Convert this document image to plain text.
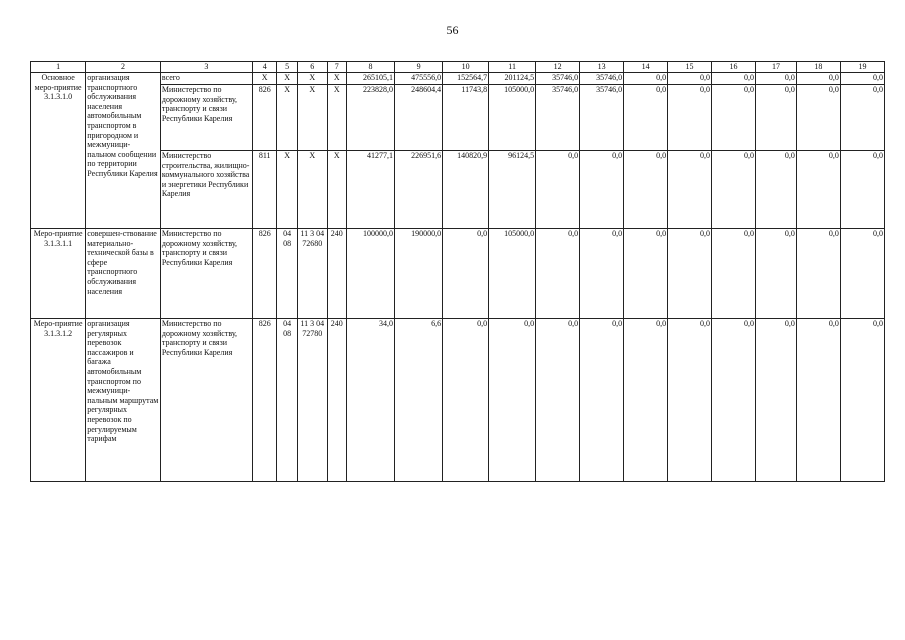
56
1	2	3	4	5	6	7	8	9	10	11	12	13	14	15	16	17	18	19
Основное меро-приятие 3.1.3.1.0	организация транспортного обслуживания населения автомобильным транспортом в пригородном и межмуници-пальном сообщении по территории Республики Карелия	всего	X	X	X	X	265105,1	475556,0	152564,7	201124,5	35746,0	35746,0	0,0	0,0	0,0	0,0	0,0	0,0
		Министерство по дорожному хозяйству, транспорту и связи Республики Карелия	826	X	X	X	223828,0	248604,4	11743,8	105000,0	35746,0	35746,0	0,0	0,0	0,0	0,0	0,0	0,0
		Министерство строительства, жилищно-коммунального хозяйства и энергетики Республики Карелия	811	X	X	X	41277,1	226951,6	140820,9	96124,5	0,0	0,0	0,0	0,0	0,0	0,0	0,0	0,0
Меро-приятие 3.1.3.1.1	совершен-ствование материально-технической базы в сфере транспортного обслуживания населения	Министерство по дорожному хозяйству, транспорту и связи Республики Карелия	826	04 08	11 3 04 72680	240	100000,0	190000,0	0,0	105000,0	0,0	0,0	0,0	0,0	0,0	0,0	0,0	0,0
Меро-приятие 3.1.3.1.2	организация регулярных перевозок пассажиров и багажа автомобильным транспортом по межмуници-пальным маршрутам регулярных перевозок по регулируемым тарифам	Министерство по дорожному хозяйству, транспорту и связи Республики Карелия	826	04 08	11 3 04 72780	240	34,0	6,6	0,0	0,0	0,0	0,0	0,0	0,0	0,0	0,0	0,0	0,0
